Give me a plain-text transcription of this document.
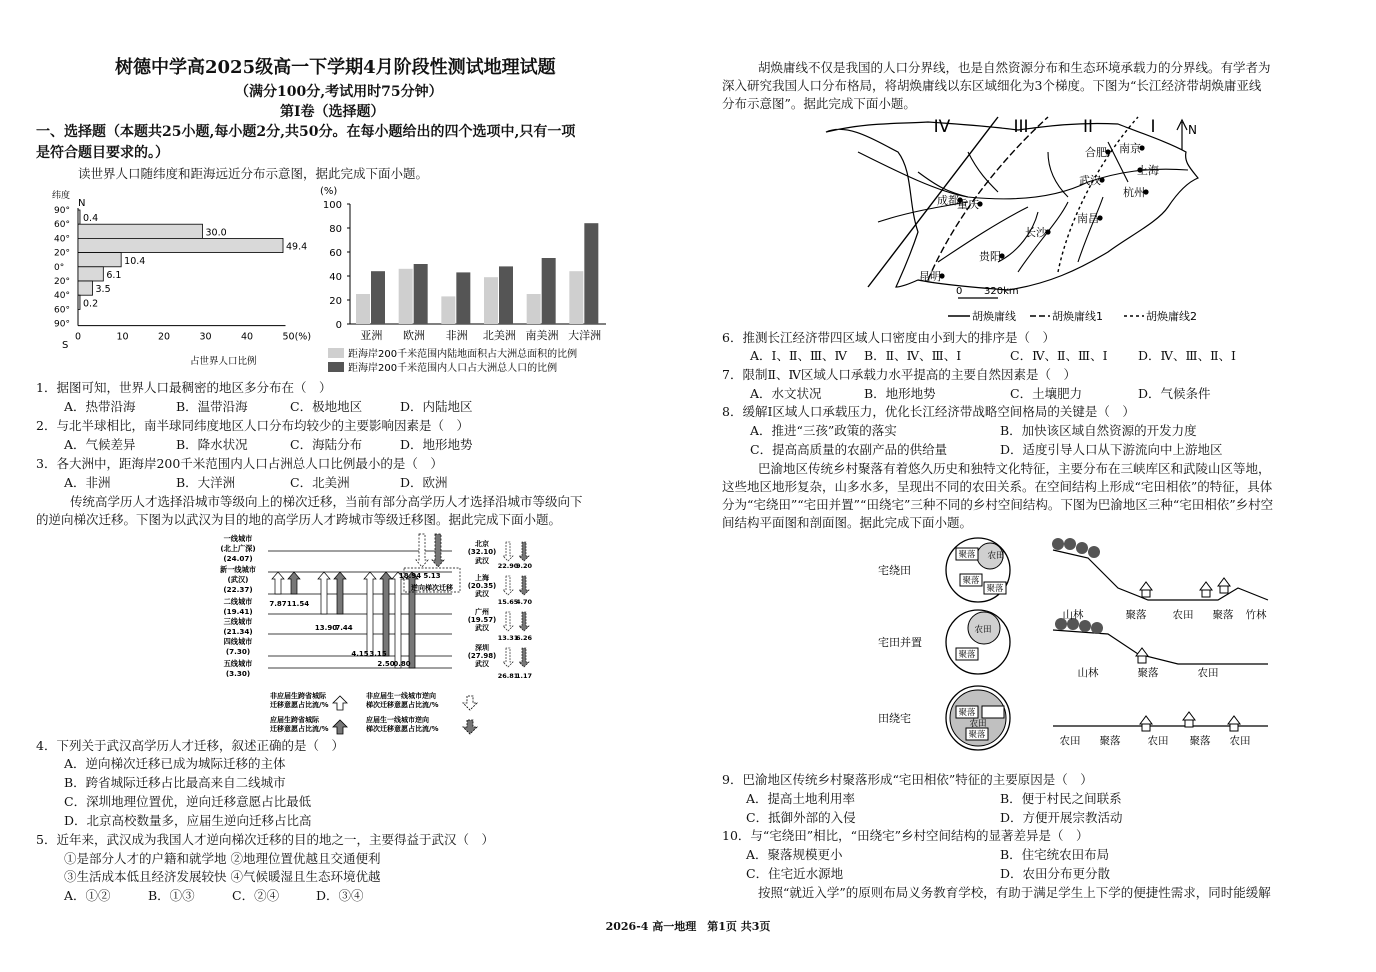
树德中学高2025级高一下学期4月阶段性测试地理试题
（满分100分,考试用时75分钟）
第Ⅰ卷（选择题）
一、选择题（本题共25小题,每小题2分,共50分。在每小题给出的四个选项中,只有一项
是符合题目要求的。）
读世界人口随纬度和距海远近分布示意图，据此完成下面小题。
纬度
N
S
90°
60°
40°
20°
0°
20°
40°
60°
90°
0.4
30.0
49.4
10.4
6.1
3.5
0.2
0	10	20	30	40	50(%)
占世界人口比例
(%)
0
20
40
60
80
100
亚洲 欧洲 非洲 北美洲 南美洲 大洋洲
距海岸200千米范围内陆地面积占大洲总面积的比例
距海岸200千米范围内人口占大洲总人口的比例
1．据图可知，世界人口最稠密的地区多分布在（　）
A．热带沿海	B．温带沿海	C．极地地区	D．内陆地区
2．与北半球相比，南半球同纬度地区人口分布均较少的主要影响因素是（　）
A．气候差异	B．降水状况	C．海陆分布	D．地形地势
3．各大洲中，距海岸200千米范围内人口占洲总人口比例最小的是（　）
A．非洲	B．大洋洲	C．北美洲	D．欧洲
传统高学历人才选择沿城市等级向上的梯次迁移，当前有部分高学历人才选择沿城市等级向下
的逆向梯次迁移。下图为以武汉为目的地的高学历人才跨城市等级迁移图。据此完成下面小题。
一线城市
(北上广深)
(24.07)
新一线城市
(武汉)
(22.37)
二线城市
(19.41)
三线城市
(21.34)
四线城市
(7.30)
五线城市
(3.30)
7.87 11.54
13.90
7.44
4.15 3.15
2.50
0.80
18.94 5.13
逆向梯次迁移
北京
(32.10)
武汉
上海
(20.35)
武汉
广州
(19.57)
武汉
深圳
(27.98)
武汉
22.90
9.20
15.65
4.70
13.31
6.26
26.81
1.17
非应届生跨省城际
迁移意愿占比流/%
应届生跨省城际
迁移意愿占比流/%
非应届生一线城市逆向
梯次迁移意愿占比流/%
应届生一线城市逆向
梯次迁移意愿占比流/%
4．下列关于武汉高学历人才迁移，叙述正确的是（　）
A．逆向梯次迁移已成为城际迁移的主体
B．跨省城际迁移占比最高来自二线城市
C．深圳地理位置优，逆向迁移意愿占比最低
D．北京高校数量多，应届生逆向迁移占比高
5．近年来，武汉成为我国人才逆向梯次迁移的目的地之一，主要得益于武汉（　）
①是部分人才的户籍和就学地 ②地理位置优越且交通便利
③生活成本低且经济发展较快 ④气候暖湿且生态环境优越
A．①②	B．①③	C．②④	D．③④
胡焕庸线不仅是我国的人口分界线，也是自然资源分布和生态环境承载力的分界线。有学者为
深入研究我国人口分布格局，将胡焕庸线以东区域细化为3个梯度。下图为“长江经济带胡焕庸亚线
分布示意图”。据此完成下面小题。
IV	III	II	I	N
合肥 南京
上海
杭州
武汉
成都
重庆
南昌
长沙
贵阳
昆明
0 320km
胡焕庸线	胡焕庸线1	胡焕庸线2
6．推测长江经济带四区域人口密度由小到大的排序是（　）
A．Ⅰ、Ⅱ、Ⅲ、Ⅳ B．Ⅱ、Ⅳ、Ⅲ、Ⅰ	C．Ⅳ、Ⅱ、Ⅲ、Ⅰ D．Ⅳ、Ⅲ、Ⅱ、Ⅰ
7．限制Ⅱ、Ⅳ区域人口承载力水平提高的主要自然因素是（　）
A．水文状况	B．地形地势	C．土壤肥力	D．气候条件
8．缓解Ⅰ区域人口承载压力，优化长江经济带战略空间格局的关键是（　）
A．推进“三孩”政策的落实	B．加快该区域自然资源的开发力度
C．提高高质量的农副产品的供给量	D．适度引导人口从下游流向中上游地区
巴渝地区传统乡村聚落有着悠久历史和独特文化特征，主要分布在三峡库区和武陵山区等地，
这些地区地形复杂，山多水多，呈现出不同的农田关系。在空间结构上形成“宅田相依”的特征，具体
分为“宅绕田”“宅田并置”“田绕宅”三种不同的乡村空间结构。下图为巴渝地区三种“宅田相依”乡村空
间结构平面图和剖面图。据此完成下面小题。
宅绕田
宅田并置
田绕宅
聚落 农田
聚落
聚落
农田
聚落
聚落
农田
聚落
山林	聚落 农田 聚落 竹林
山林	聚落	农田
农田 聚落	农田 聚落 农田
9．巴渝地区传统乡村聚落形成“宅田相依”特征的主要原因是（　）
A．提高土地利用率	B．便于村民之间联系
C．抵御外部的入侵	D．方便开展宗教活动
10．与“宅绕田”相比，“田绕宅”乡村空间结构的显著差异是（　）
A．聚落规模更小	B．住宅统农田布局
C．住宅近水源地	D．农田分布更分散
按照“就近入学”的原则布局义务教育学校，有助于满足学生上下学的便捷性需求，同时能缓解
2026-4 高一地理　第1页 共3页
